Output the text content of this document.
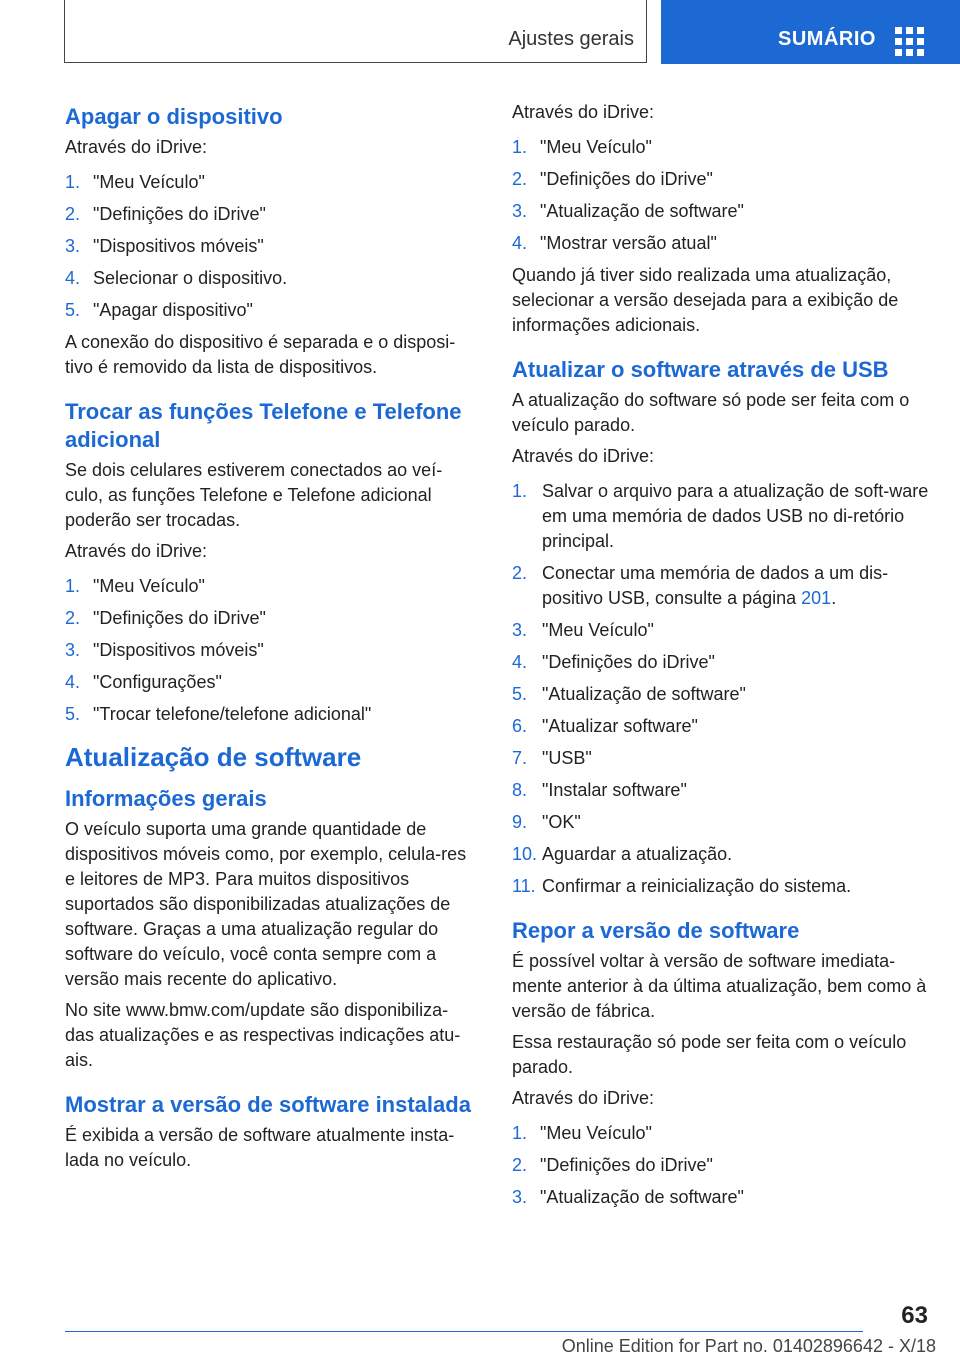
Ajustes gerais	SUMÁRIO
Apagar o dispositivo

Através do iDrive:

1. "Meu Veículo"
2. "Definições do iDrive"
3. "Dispositivos móveis"
4. Selecionar o dispositivo.
5. "Apagar dispositivo"

A conexão do dispositivo é separada e o disposi-tivo é removido da lista de dispositivos.

Trocar as funções Telefone e Telefone adicional

Se dois celulares estiverem conectados ao veí-culo, as funções Telefone e Telefone adicional poderão ser trocadas.

Através do iDrive:

1. "Meu Veículo"
2. "Definições do iDrive"
3. "Dispositivos móveis"
4. "Configurações"
5. "Trocar telefone/telefone adicional"
Atualização de software
Informações gerais

O veículo suporta uma grande quantidade de dispositivos móveis como, por exemplo, celula-res e leitores de MP3. Para muitos dispositivos suportados são disponibilizadas atualizações de software. Graças a uma atualização regular do software do veículo, você conta sempre com a versão mais recente do aplicativo.

No site www.bmw.com/update são disponibiliza-das atualizações e as respectivas indicações atu-ais.

Mostrar a versão de software instalada

É exibida a versão de software atualmente insta-lada no veículo.

Através do iDrive:

1. "Meu Veículo"
2. "Definições do iDrive"
3. "Atualização de software"
4. "Mostrar versão atual"

Quando já tiver sido realizada uma atualização, selecionar a versão desejada para a exibição de informações adicionais.

Atualizar o software através de USB

A atualização do software só pode ser feita com o veículo parado.

Através do iDrive:

1. Salvar o arquivo para a atualização de soft-ware em uma memória de dados USB no di-retório principal.
2. Conectar uma memória de dados a um dis-positivo USB, consulte a página 201.
3. "Meu Veículo"
4. "Definições do iDrive"
5. "Atualização de software"
6. "Atualizar software"
7. "USB"
8. "Instalar software"
9. "OK"
10. Aguardar a atualização.
11. Confirmar a reinicialização do sistema.
Repor a versão de software

É possível voltar à versão de software imediata-mente anterior à da última atualização, bem como à versão de fábrica.

Essa restauração só pode ser feita com o veículo parado.

Através do iDrive:

1. "Meu Veículo"
2. "Definições do iDrive"
3. "Atualização de software"
63
Online Edition for Part no. 01402896642 - X/18
